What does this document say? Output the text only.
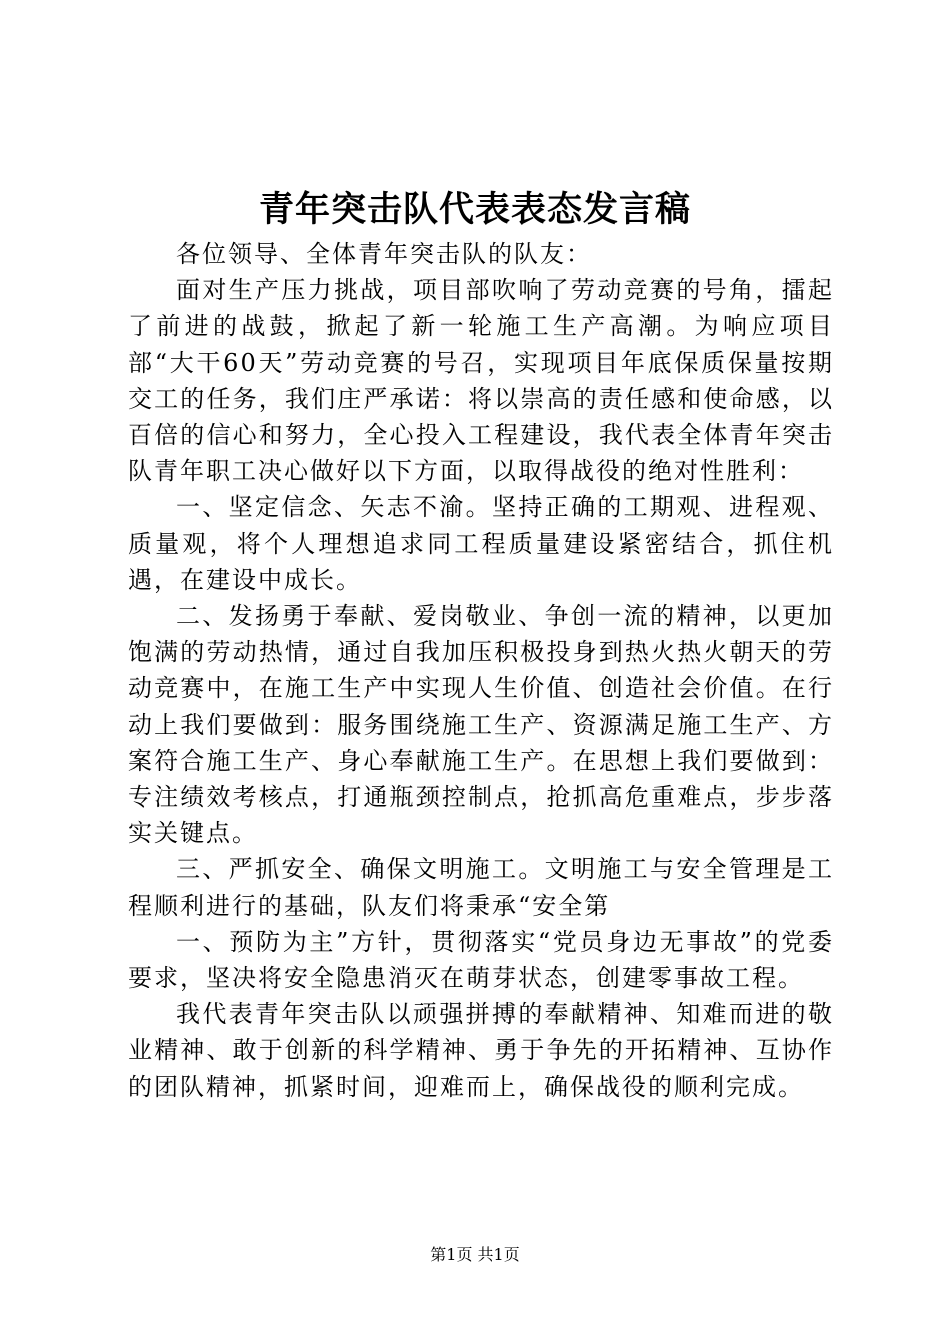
青年突击队代表表态发言稿

各位领导、全体青年突击队的队友：

面对生产压力挑战，项目部吹响了劳动竞赛的号角，擂起了前进的战鼓，掀起了新一轮施工生产高潮。为响应项目部“大干60天”劳动竞赛的号召，实现项目年底保质保量按期交工的任务，我们庄严承诺：将以崇高的责任感和使命感，以百倍的信心和努力，全心投入工程建设，我代表全体青年突击队青年职工决心做好以下方面，以取得战役的绝对性胜利：

一、坚定信念、矢志不渝。坚持正确的工期观、进程观、质量观，将个人理想追求同工程质量建设紧密结合，抓住机遇，在建设中成长。

二、发扬勇于奉献、爱岗敬业、争创一流的精神，以更加饱满的劳动热情，通过自我加压积极投身到热火热火朝天的劳动竞赛中，在施工生产中实现人生价值、创造社会价值。在行动上我们要做到：服务围绕施工生产、资源满足施工生产、方案符合施工生产、身心奉献施工生产。在思想上我们要做到：专注绩效考核点，打通瓶颈控制点，抢抓高危重难点，步步落实关键点。

三、严抓安全、确保文明施工。文明施工与安全管理是工程顺利进行的基础，队友们将秉承“安全第

一、预防为主”方针，贯彻落实“党员身边无事故”的党委要求，坚决将安全隐患消灭在萌芽状态，创建零事故工程。

我代表青年突击队以顽强拼搏的奉献精神、知难而进的敬业精神、敢于创新的科学精神、勇于争先的开拓精神、互协作的团队精神，抓紧时间，迎难而上，确保战役的顺利完成。

第1页 共1页
